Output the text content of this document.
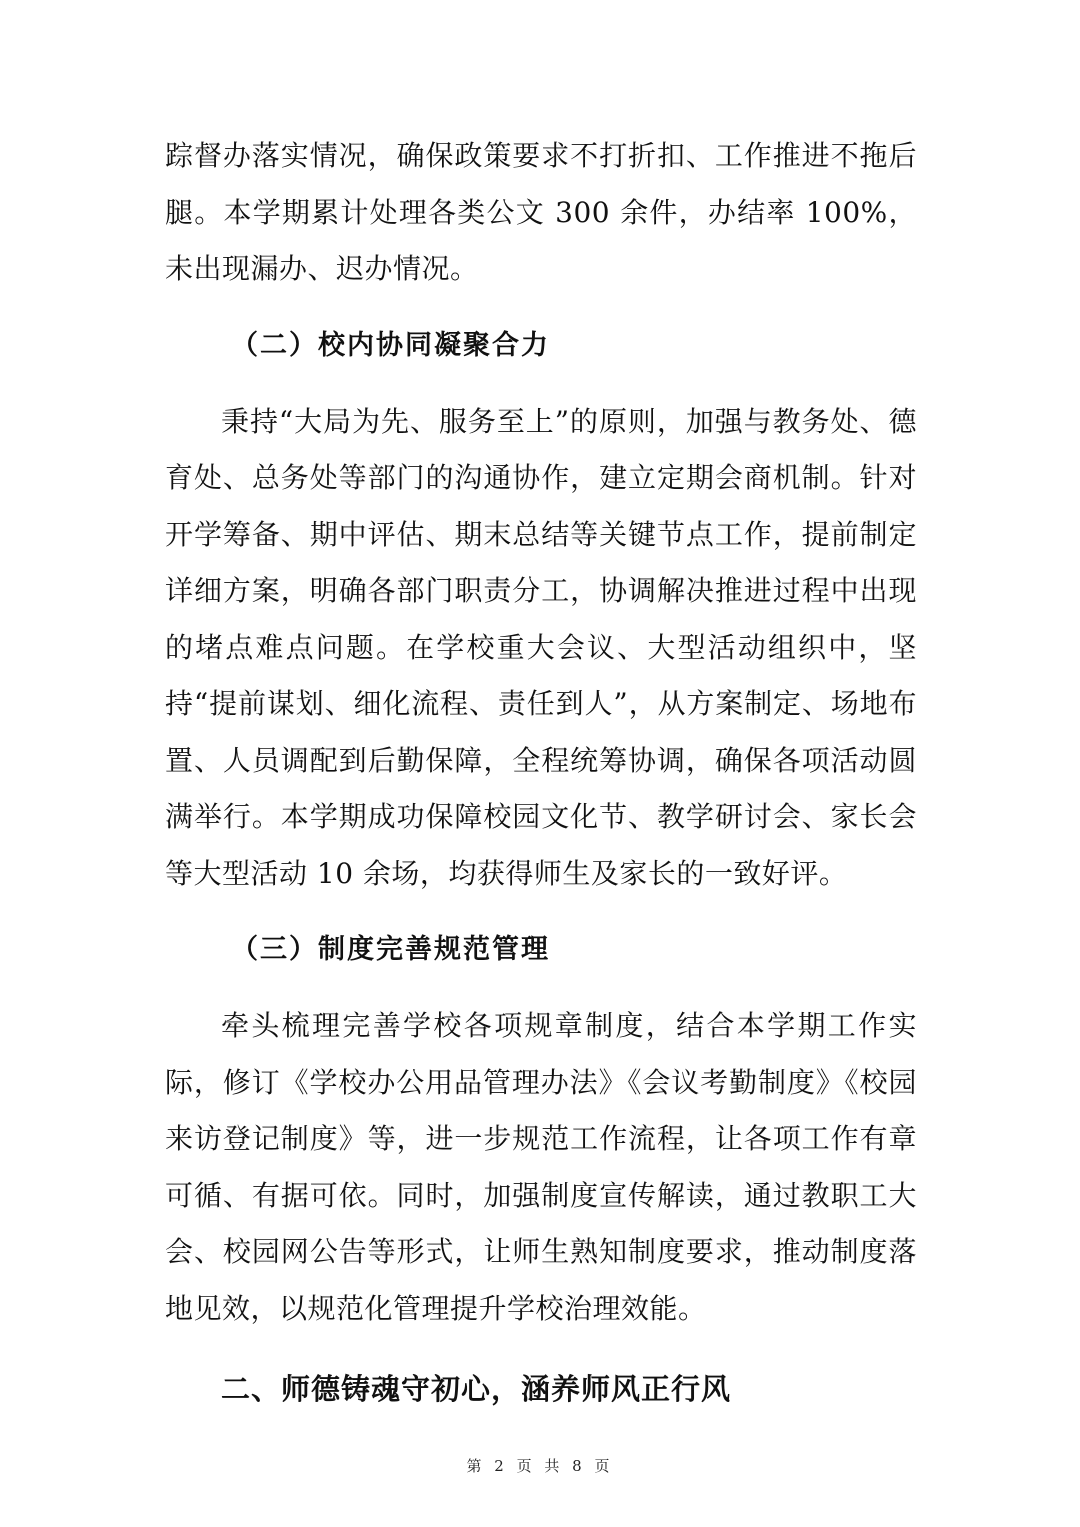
踪督办落实情况，确保政策要求不打折扣、工作推进不拖后腿。本学期累计处理各类公文 300 余件，办结率 100%，未出现漏办、迟办情况。

（二）校内协同凝聚合力

秉持“大局为先、服务至上”的原则，加强与教务处、德育处、总务处等部门的沟通协作，建立定期会商机制。针对开学筹备、期中评估、期末总结等关键节点工作，提前制定详细方案，明确各部门职责分工，协调解决推进过程中出现的堵点难点问题。在学校重大会议、大型活动组织中，坚持“提前谋划、细化流程、责任到人”，从方案制定、场地布置、人员调配到后勤保障，全程统筹协调，确保各项活动圆满举行。本学期成功保障校园文化节、教学研讨会、家长会等大型活动 10 余场，均获得师生及家长的一致好评。

（三）制度完善规范管理

牵头梳理完善学校各项规章制度，结合本学期工作实际，修订《学校办公用品管理办法》《会议考勤制度》《校园来访登记制度》等，进一步规范工作流程，让各项工作有章可循、有据可依。同时，加强制度宣传解读，通过教职工大会、校园网公告等形式，让师生熟知制度要求，推动制度落地见效，以规范化管理提升学校治理效能。

二、师德铸魂守初心，涵养师风正行风
第 2 页 共 8 页
